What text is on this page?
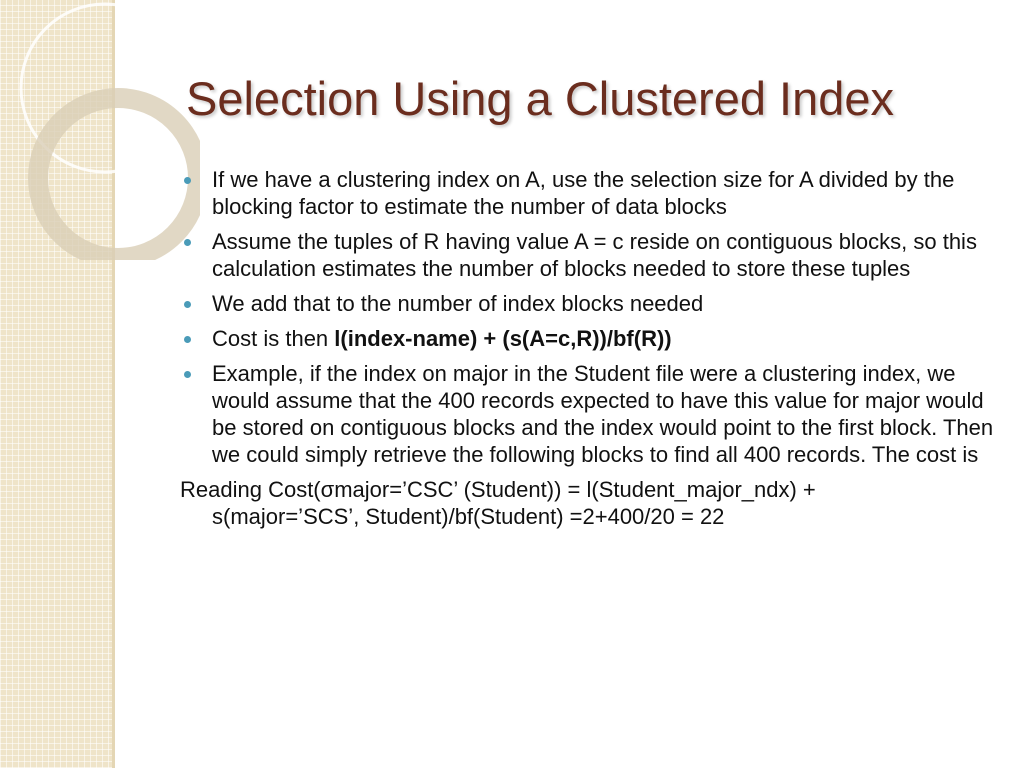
Selection Using a Clustered Index
If we have a clustering index on A, use the selection size for A divided by the blocking factor to estimate the number of data blocks
Assume the tuples of R having value A = c reside on contiguous blocks, so this calculation estimates the number of blocks needed to store these tuples
We add that to the number of index blocks needed
Cost is then l(index-name) + (s(A=c,R))/bf(R))
Example, if the index on major in the Student file were a clustering index, we would assume that the 400 records expected to have this value for major would be stored on contiguous blocks and the index would point to the first block. Then we could simply retrieve the following blocks to find all 400 records. The cost is
Reading Cost(σmajor=’CSC’ (Student)) = l(Student_major_ndx) +
s(major=’SCS’, Student)/bf(Student) =2+400/20 = 22
